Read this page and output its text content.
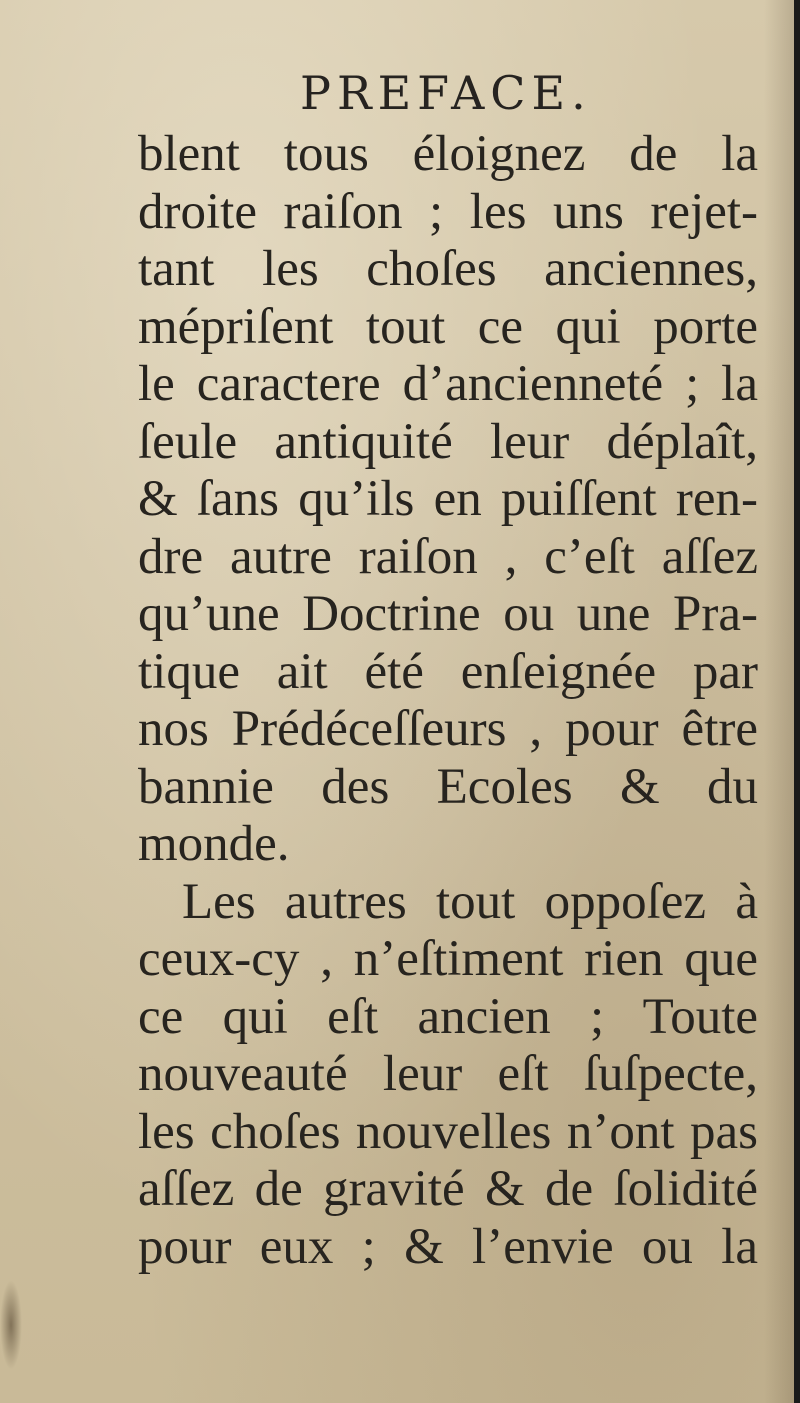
PREFACE.
blent tous éloignez de la
droite raiſon ; les uns rejet-
tant les choſes anciennes,
mépriſent tout ce qui porte
le caractere d’ancienneté ; la
ſeule antiquité leur déplaît,
& ſans qu’ils en puiſſent ren-
dre autre raiſon , c’eſt aſſez
qu’une Doctrine ou une Pra-
tique ait été enſeignée par
nos Prédéceſſeurs , pour être
bannie des Ecoles & du
monde.
Les autres tout oppoſez à
ceux-cy , n’eſtiment rien que
ce qui eſt ancien ; Toute
nouveauté leur eſt ſuſpecte,
les choſes nouvelles n’ont pas
aſſez de gravité & de ſolidité
pour eux ; & l’envie ou la
